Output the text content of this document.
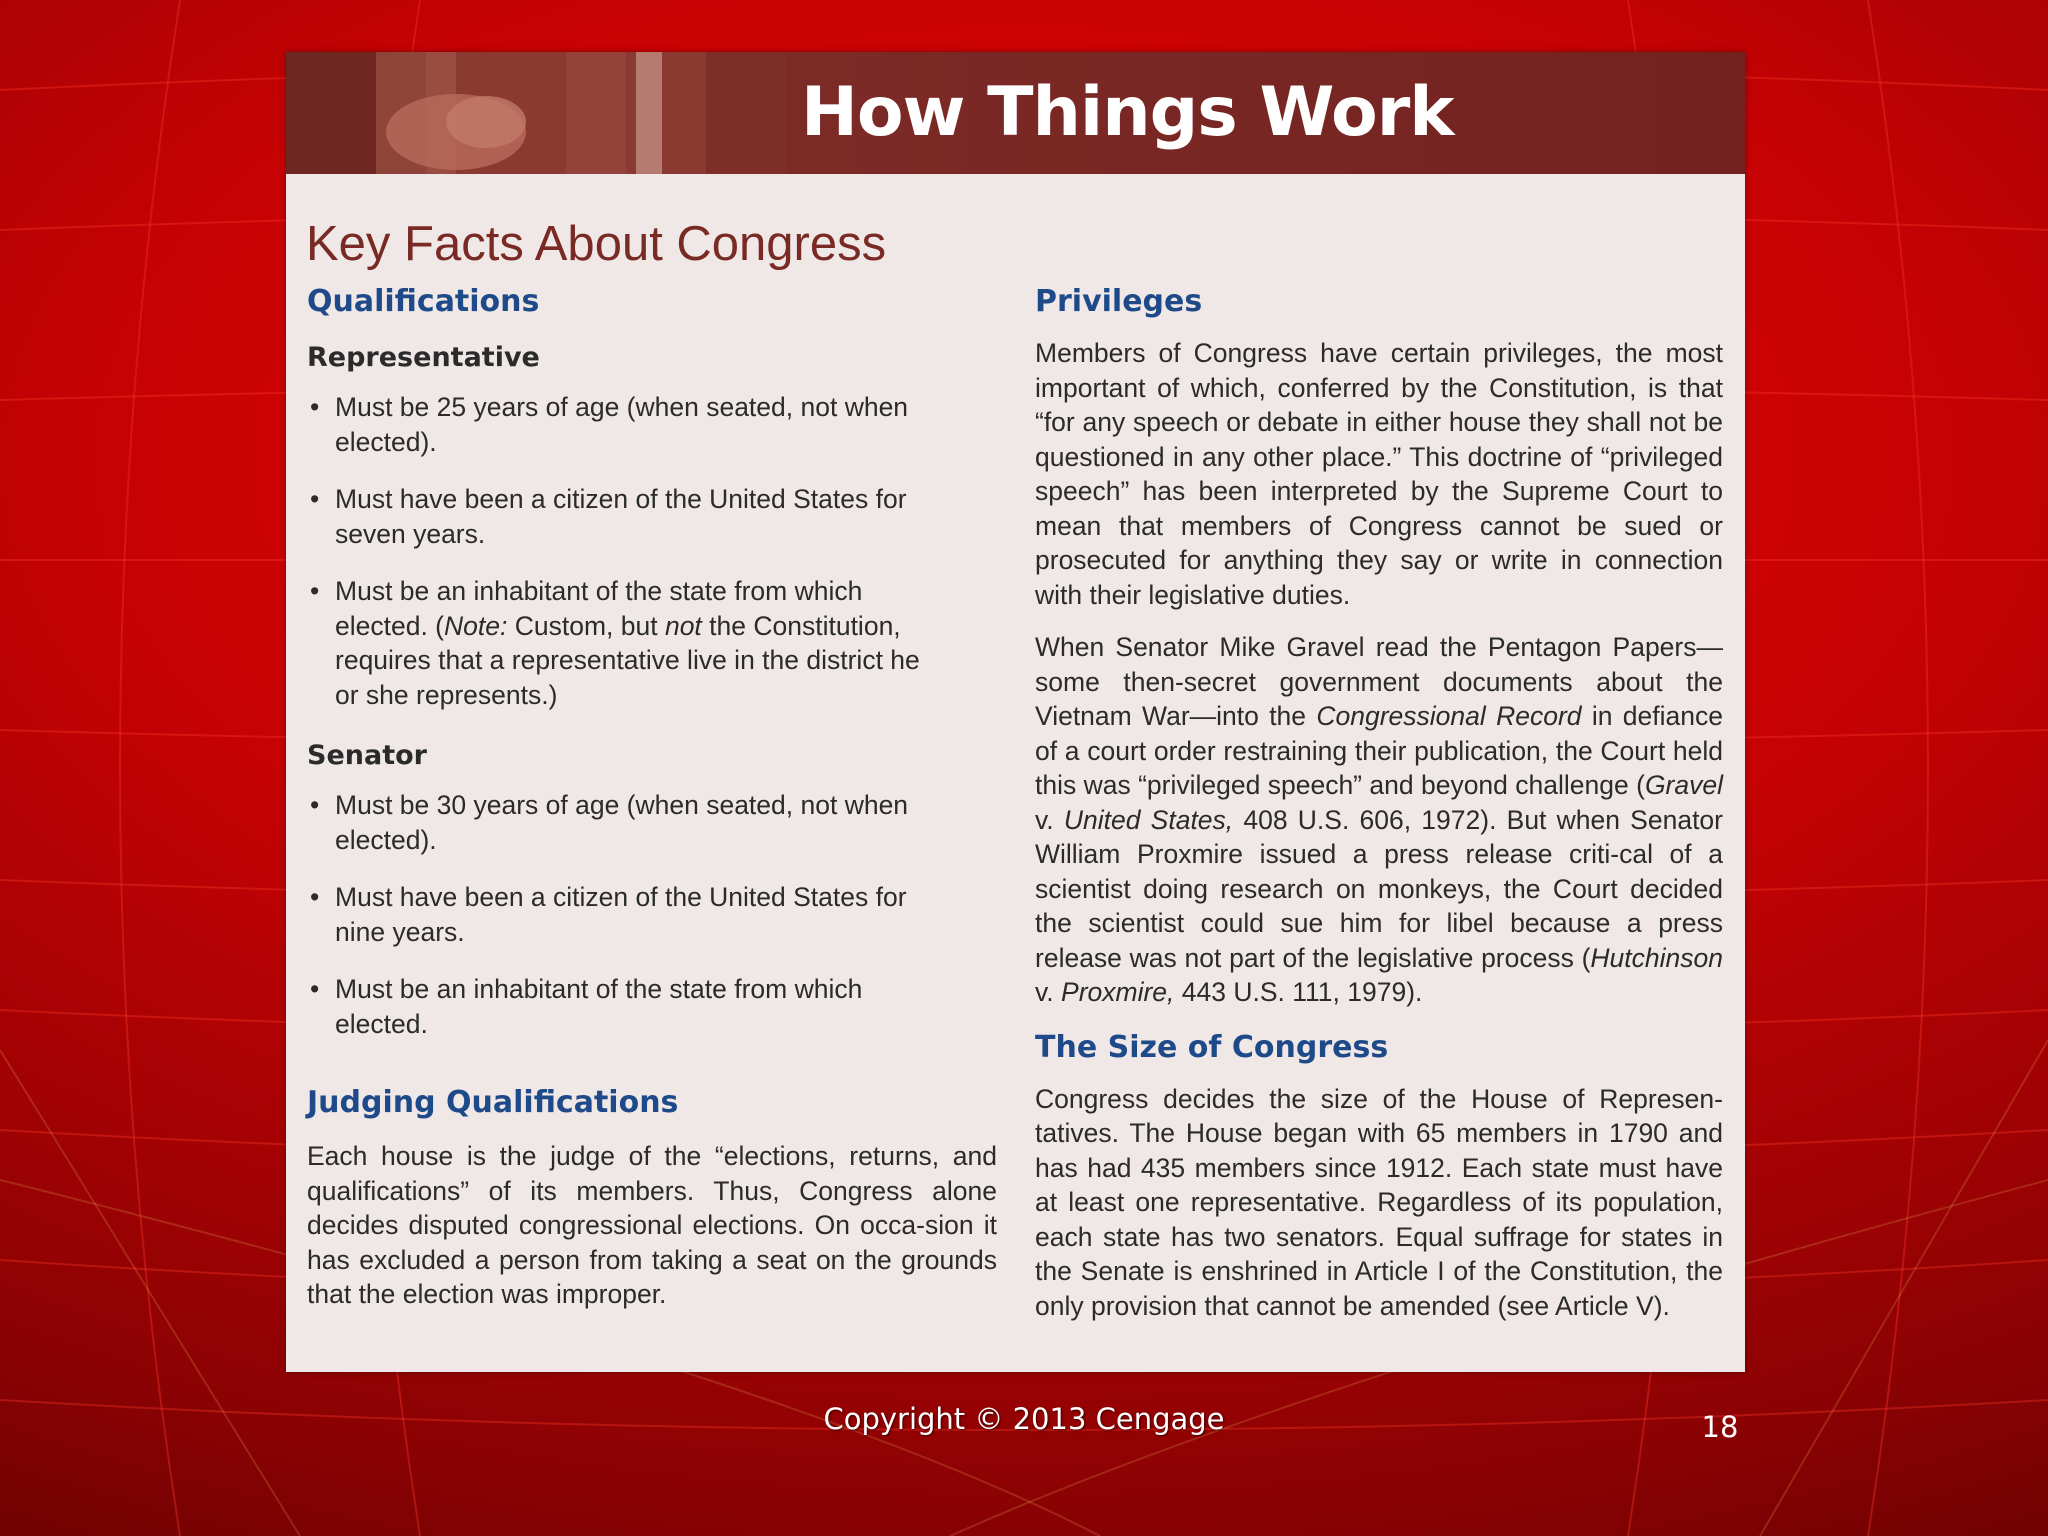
How Things Work
Key Facts About Congress
Qualifications
Representative
• Must be 25 years of age (when seated, not when
elected).
• Must have been a citizen of the United States for
seven years.
• Must be an inhabitant of the state from which
elected. (Note: Custom, but not the Constitution,
requires that a representative live in the district he
or she represents.)
Senator
• Must be 30 years of age (when seated, not when
elected).
• Must have been a citizen of the United States for
nine years.
• Must be an inhabitant of the state from which
elected.
Judging Qualifications

Each house is the judge of the “elections, returns, and qualifications” of its members. Thus, Congress alone decides disputed congressional elections. On occa-sion it has excluded a person from taking a seat on the grounds that the election was improper.

Privileges

Members of Congress have certain privileges, the most important of which, conferred by the Constitution, is that “for any speech or debate in either house they shall not be questioned in any other place.” This doctrine of “privileged speech” has been interpreted by the Supreme Court to mean that members of Congress cannot be sued or prosecuted for anything they say or write in connection with their legislative duties.

When Senator Mike Gravel read the Pentagon Papers—some then-secret government documents about the Vietnam War—into the Congressional Record in defiance of a court order restraining their publication, the Court held this was “privileged speech” and beyond challenge (Gravel v. United States, 408 U.S. 606, 1972). But when Senator William Proxmire issued a press release criti-cal of a scientist doing research on monkeys, the Court decided the scientist could sue him for libel because a press release was not part of the legislative process (Hutchinson v. Proxmire, 443 U.S. 111, 1979).

The Size of Congress

Congress decides the size of the House of Represen-tatives. The House began with 65 members in 1790 and has had 435 members since 1912. Each state must have at least one representative. Regardless of its population, each state has two senators. Equal suffrage for states in the Senate is enshrined in Article I of the Constitution, the only provision that cannot be amended (see Article V).

Copyright © 2013 Cengage	18
